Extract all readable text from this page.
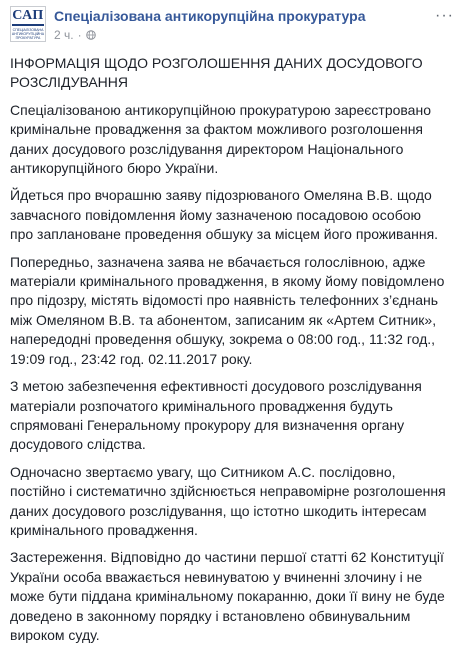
САП
СПЕЦІАЛІЗОВАНА АНТИКОРУПЦІЙНА ПРОКУРАТУРА
Спеціалізована антикорупційна прокуратура
2 ч. ·
···

ІНФОРМАЦІЯ ЩОДО РОЗГОЛОШЕННЯ ДАНИХ ДОСУДОВОГО РОЗСЛІДУВАННЯ

Спеціалізованою антикорупційною прокуратурою зареєстровано кримінальне провадження за фактом можливого розголошення даних досудового розслідування директором Національного антикорупційного бюро України.

Йдеться про вчорашню заяву підозрюваного Омеляна В.В. щодо завчасного повідомлення йому зазначеною посадовою особою про заплановане проведення обшуку за місцем його проживання.

Попередньо, зазначена заява не вбачається голослівною, адже матеріали кримінального провадження, в якому йому повідомлено про підозру, містять відомості про наявність телефонних з’єднань між Омеляном В.В. та абонентом, записаним як «Артем Ситник», напередодні проведення обшуку, зокрема о 08:00 год., 11:32 год., 19:09 год., 23:42 год. 02.11.2017 року.

З метою забезпечення ефективності досудового розслідування матеріали розпочатого кримінального провадження будуть спрямовані Генеральному прокурору для визначення органу досудового слідства.

Одночасно звертаємо увагу, що Ситником А.С. послідовно, постійно і систематично здійснюється неправомірне розголошення даних досудового розслідування, що істотно шкодить інтересам кримінального провадження.

Застереження. Відповідно до частини першої статті 62 Конституції України особа вважається невинуватою у вчиненні злочину і не може бути піддана кримінальному покаранню, доки її вину не буде доведено в законному порядку і встановлено обвинувальним вироком суду.
